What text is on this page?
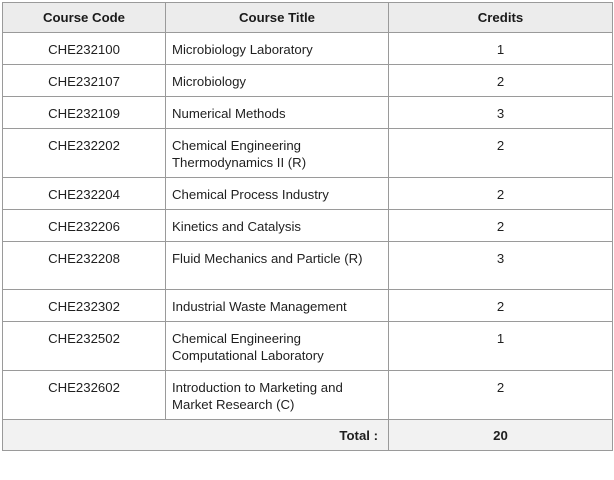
Course Code	Course Title	Credits
CHE232100	Microbiology Laboratory	1
CHE232107	Microbiology	2
CHE232109	Numerical Methods	3
CHE232202	Chemical Engineering Thermodynamics II (R)	2
CHE232204	Chemical Process Industry	2
CHE232206	Kinetics and Catalysis	2
CHE232208	Fluid Mechanics and Particle (R)	3
CHE232302	Industrial Waste Management	2
CHE232502	Chemical Engineering Computational Laboratory	1
CHE232602	Introduction to Marketing and Market Research (C)	2
Total :		20
